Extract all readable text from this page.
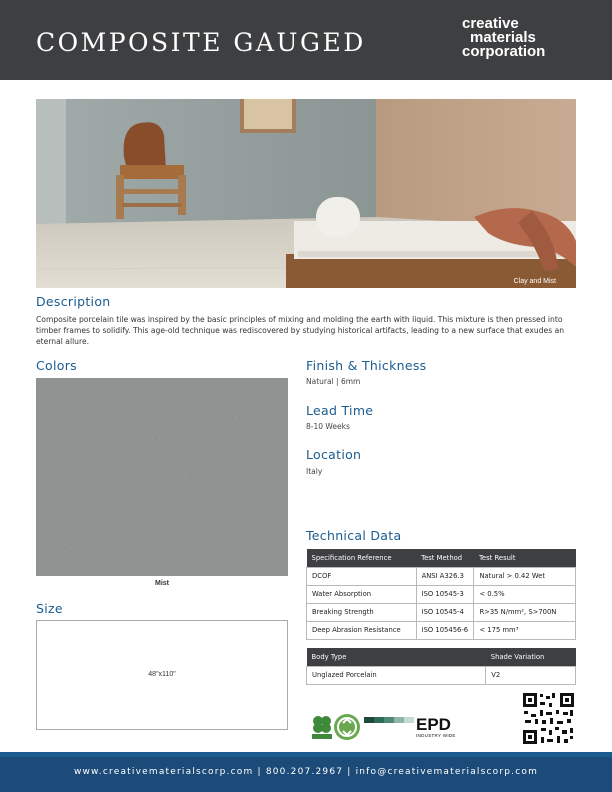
COMPOSITE GAUGED
creative
materials
corporation
Clay and Mist
Description
Composite porcelain tile was inspired by the basic principles of mixing and molding the earth with liquid. This mixture is then pressed into timber frames to solidify. This age-old technique was rediscovered by studying historical artifacts, leading to a new surface that exudes an eternal allure.
Colors
Mist
Size
48"x110"
Finish & Thickness
Natural | 6mm
Lead Time
8-10 Weeks
Location
Italy
Technical Data
Specification Reference	Test Method	Test Result
DCOF	ANSI A326.3	Natural > 0.42 Wet
Water Absorption	ISO 10545-3	< 0.5%
Breaking Strength	ISO 10545-4	R>35 N/mm², S>700N
Deep Abrasion Resistance	ISO 105456-6	< 175 mm³
Body Type	Shade Variation
Unglazed Porcelain	V2
EPD
INDUSTRY WIDE
www.creativematerialscorp.com | 800.207.2967 | info@creativematerialscorp.com
